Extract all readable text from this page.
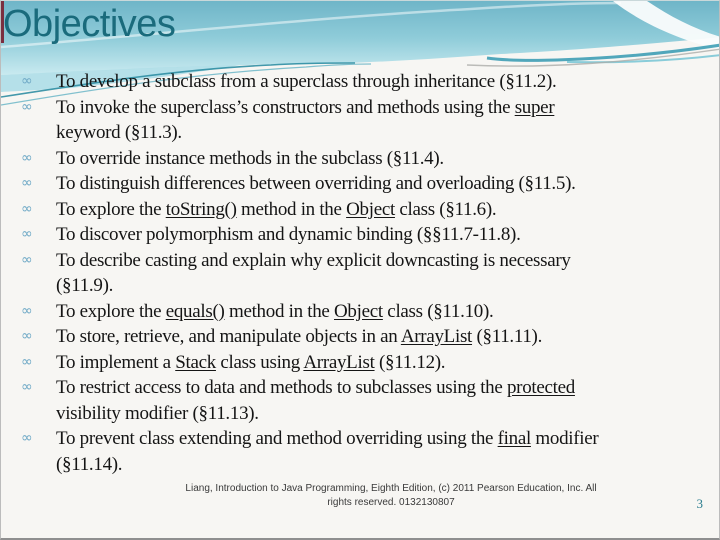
Objectives
∞ To develop a subclass from a superclass through inheritance (§11.2).
∞ To invoke the superclass’s constructors and methods using the super
keyword (§11.3).
∞ To override instance methods in the subclass (§11.4).
∞ To distinguish differences between overriding and overloading (§11.5).
∞ To explore the toString() method in the Object class (§11.6).
∞ To discover polymorphism and dynamic binding (§§11.7-11.8).
∞ To describe casting and explain why explicit downcasting is necessary
(§11.9).
∞ To explore the equals() method in the Object class (§11.10).
∞ To store, retrieve, and manipulate objects in an ArrayList (§11.11).
∞ To implement a Stack class using ArrayList (§11.12).
∞ To restrict access to data and methods to subclasses using the protected
visibility modifier (§11.13).
∞ To prevent class extending and method overriding using the final modifier
(§11.14).
Liang, Introduction to Java Programming, Eighth Edition, (c) 2011 Pearson Education, Inc. All
rights reserved. 0132130807	3
